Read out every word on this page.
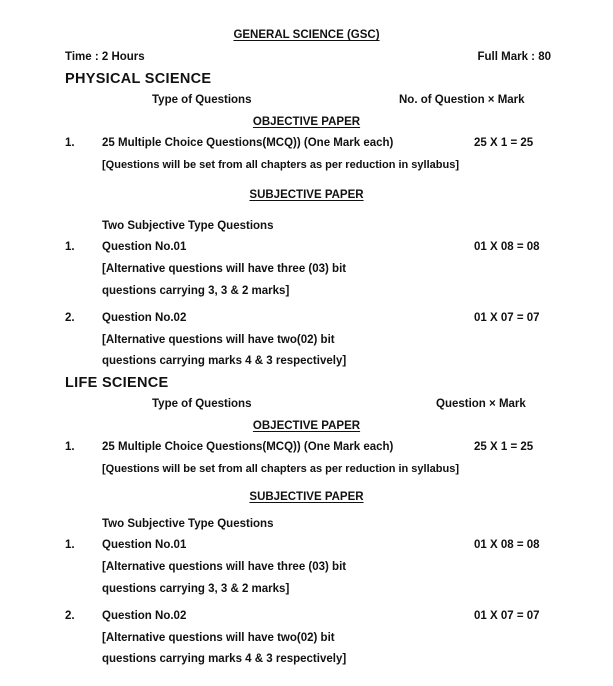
GENERAL SCIENCE (GSC)
Time : 2 Hours	Full Mark : 80
PHYSICAL SCIENCE
Type of Questions	No. of Question × Mark
OBJECTIVE PAPER
1. 25 Multiple Choice Questions(MCQ)) (One Mark each)	25 X 1 = 25
[Questions will be set from all chapters as per reduction in syllabus]
SUBJECTIVE PAPER
Two Subjective Type Questions
1. Question No.01	01 X 08 = 08
[Alternative questions will have three (03) bit
questions carrying 3, 3 & 2 marks]
2. Question No.02	01 X 07 = 07
[Alternative questions will have two(02) bit
questions carrying marks 4 & 3 respectively]
LIFE SCIENCE
Type of Questions	Question × Mark
OBJECTIVE PAPER
1. 25 Multiple Choice Questions(MCQ)) (One Mark each)	25 X 1 = 25
[Questions will be set from all chapters as per reduction in syllabus]
SUBJECTIVE PAPER
Two Subjective Type Questions
1. Question No.01	01 X 08 = 08
[Alternative questions will have three (03) bit
questions carrying 3, 3 & 2 marks]
2. Question No.02	01 X 07 = 07
[Alternative questions will have two(02) bit
questions carrying marks 4 & 3 respectively]
